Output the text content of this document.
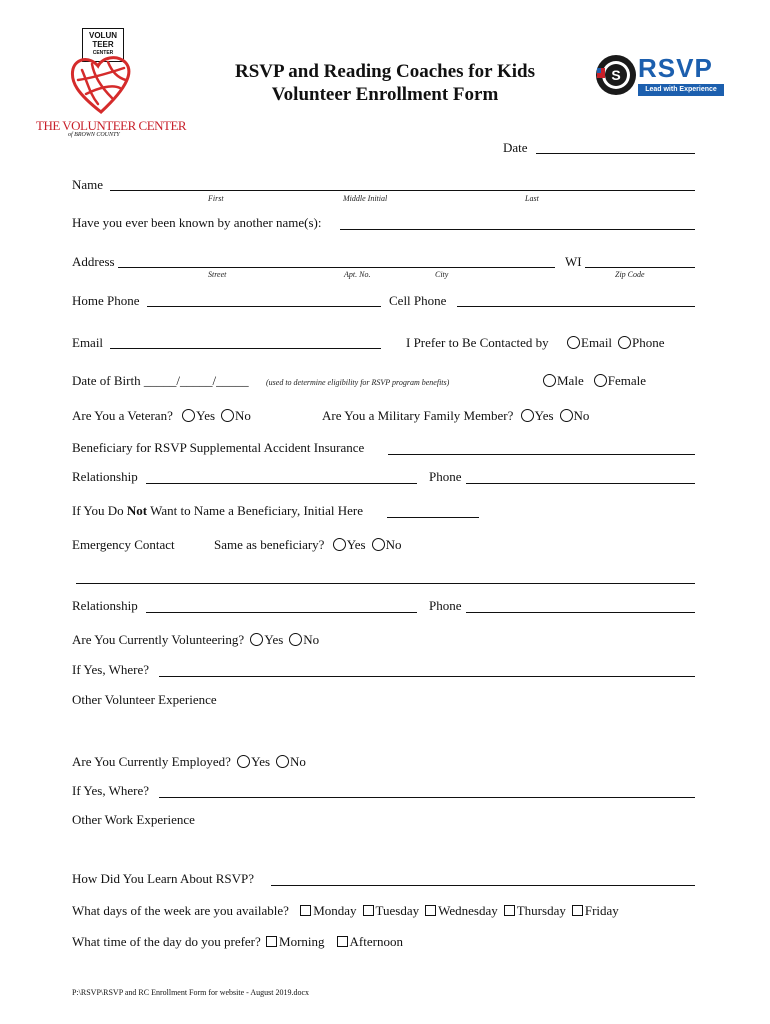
VOLUN
TEER
CENTER
THE VOLUNTEER CENTER
of BROWN COUNTY
RSVP and Reading Coaches for Kids
Volunteer Enrollment Form
S RSVP
Lead with Experience
Date
Name
First	Middle Initial	Last
Have you ever been known by another name(s):
Address	WI
Street	Apt. No.	City	Zip Code
Home Phone	Cell Phone
Email	I Prefer to Be Contacted by	Email Phone
Date of Birth _____/_____/_____ (used to determine eligibility for RSVP program benefits)	Male Female
Are You a Veteran? Yes No	Are You a Military Family Member? Yes No
Beneficiary for RSVP Supplemental Accident Insurance
Relationship	Phone
If You Do Not Want to Name a Beneficiary, Initial Here
Emergency Contact	Same as beneficiary? Yes No
Relationship	Phone
Are You Currently Volunteering? Yes No
If Yes, Where?
Other Volunteer Experience
Are You Currently Employed? Yes No
If Yes, Where?
Other Work Experience
How Did You Learn About RSVP?
What days of the week are you available? Monday Tuesday Wednesday Thursday Friday
What time of the day do you prefer? Morning Afternoon
P:\RSVP\RSVP and RC Enrollment Form for website - August 2019.docx
